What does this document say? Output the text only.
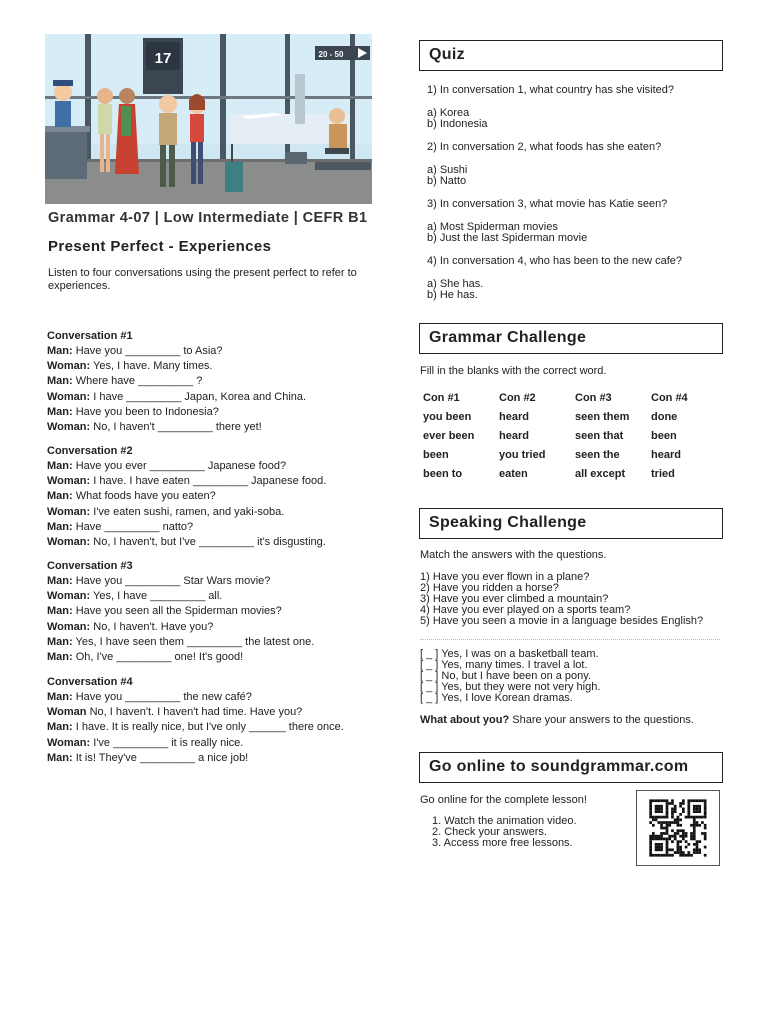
17	20 - 50
Grammar 4-07 | Low Intermediate | CEFR B1
Present Perfect - Experiences
Listen to four conversations using the present perfect to refer to experiences.
Conversation #1
Man: Have you _________ to Asia?
Woman: Yes, I have. Many times.
Man: Where have _________ ?
Woman: I have _________ Japan, Korea and China.
Man: Have you been to Indonesia?
Woman: No, I haven't _________ there yet!
Conversation #2
Man: Have you ever _________ Japanese food?
Woman: I have. I have eaten _________ Japanese food.
Man: What foods have you eaten?
Woman: I've eaten sushi, ramen, and yaki-soba.
Man: Have _________ natto?
Woman: No, I haven't, but I've _________ it's disgusting.
Conversation #3
Man: Have you _________ Star Wars movie?
Woman: Yes, I have _________ all.
Man: Have you seen all the Spiderman movies?
Woman: No, I haven't. Have you?
Man: Yes, I have seen them _________ the latest one.
Man: Oh, I've _________ one! It's good!
Conversation #4
Man: Have you _________ the new café?
Woman No, I haven't. I haven't had time. Have you?
Man: I have. It is really nice, but I've only ______ there once.
Woman: I've _________ it is really nice.
Man: It is! They've _________ a nice job!
Quiz
1) In conversation 1, what country has she visited?
a) Korea
b) Indonesia
2) In conversation 2, what foods has she eaten?
a) Sushi
b) Natto
3) In conversation 3, what movie has Katie seen?
a) Most Spiderman movies
b) Just the last Spiderman movie
4) In conversation 4, who has been to the new cafe?
a) She has.
b) He has.
Grammar Challenge
Fill in the blanks with the correct word.
Con #1	Con #2	Con #3	Con #4
you been	heard	seen them	done
ever been	heard	seen that	been
been	you tried	seen the	heard
been to	eaten	all except	tried
Speaking Challenge
Match the answers with the questions.
1) Have you ever flown in a plane?
2) Have you ridden a horse?
3) Have you ever climbed a mountain?
4) Have you ever played on a sports team?
5) Have you seen a movie in a language besides English?
[ _ ] Yes, I was on a basketball team.
[ _ ] Yes, many times. I travel a lot.
[ _ ] No, but I have been on a pony.
[ _ ] Yes, but they were not very high.
[ _ ] Yes, I love Korean dramas.
What about you? Share your answers to the questions.
Go online to soundgrammar.com
Go online for the complete lesson!
1. Watch the animation video.
2. Check your answers.
3. Access more free lessons.
